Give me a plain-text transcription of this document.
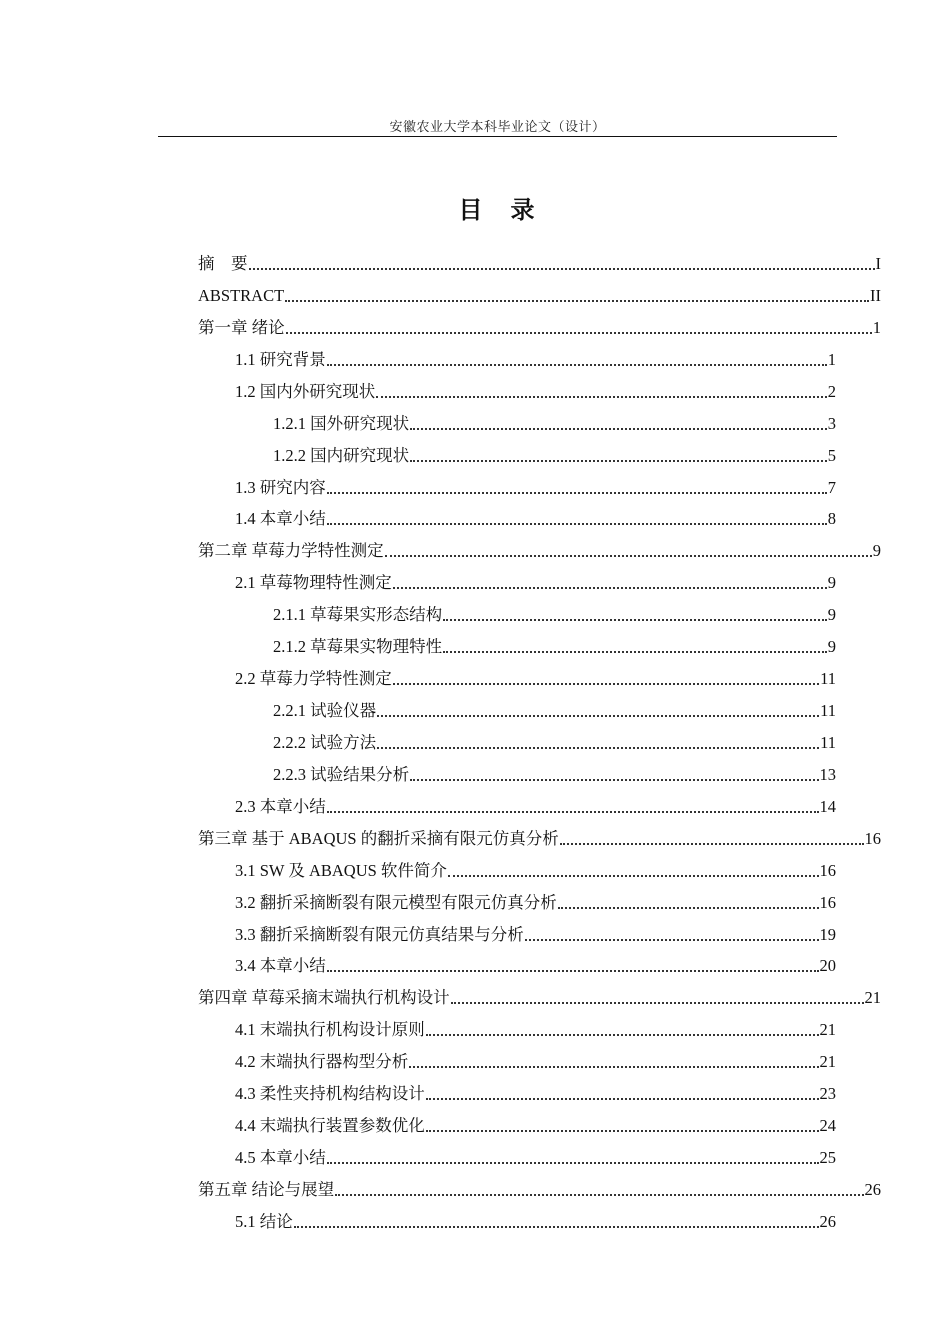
安徽农业大学本科毕业论文（设计）
目　录
摘　要	I
ABSTRACT	II
第一章 绪论	1
1.1 研究背景	1
1.2 国内外研究现状	2
1.2.1 国外研究现状	3
1.2.2 国内研究现状	5
1.3 研究内容	7
1.4 本章小结	8
第二章 草莓力学特性测定	9
2.1 草莓物理特性测定	9
2.1.1 草莓果实形态结构	9
2.1.2 草莓果实物理特性	9
2.2 草莓力学特性测定	11
2.2.1 试验仪器	11
2.2.2 试验方法	11
2.2.3 试验结果分析	13
2.3 本章小结	14
第三章 基于 ABAQUS 的翻折采摘有限元仿真分析	16
3.1 SW 及 ABAQUS 软件简介	16
3.2 翻折采摘断裂有限元模型有限元仿真分析	16
3.3 翻折采摘断裂有限元仿真结果与分析	19
3.4 本章小结	20
第四章 草莓采摘末端执行机构设计	21
4.1 末端执行机构设计原则	21
4.2 末端执行器构型分析	21
4.3 柔性夹持机构结构设计	23
4.4 末端执行装置参数优化	24
4.5 本章小结	25
第五章 结论与展望	26
5.1 结论	26
